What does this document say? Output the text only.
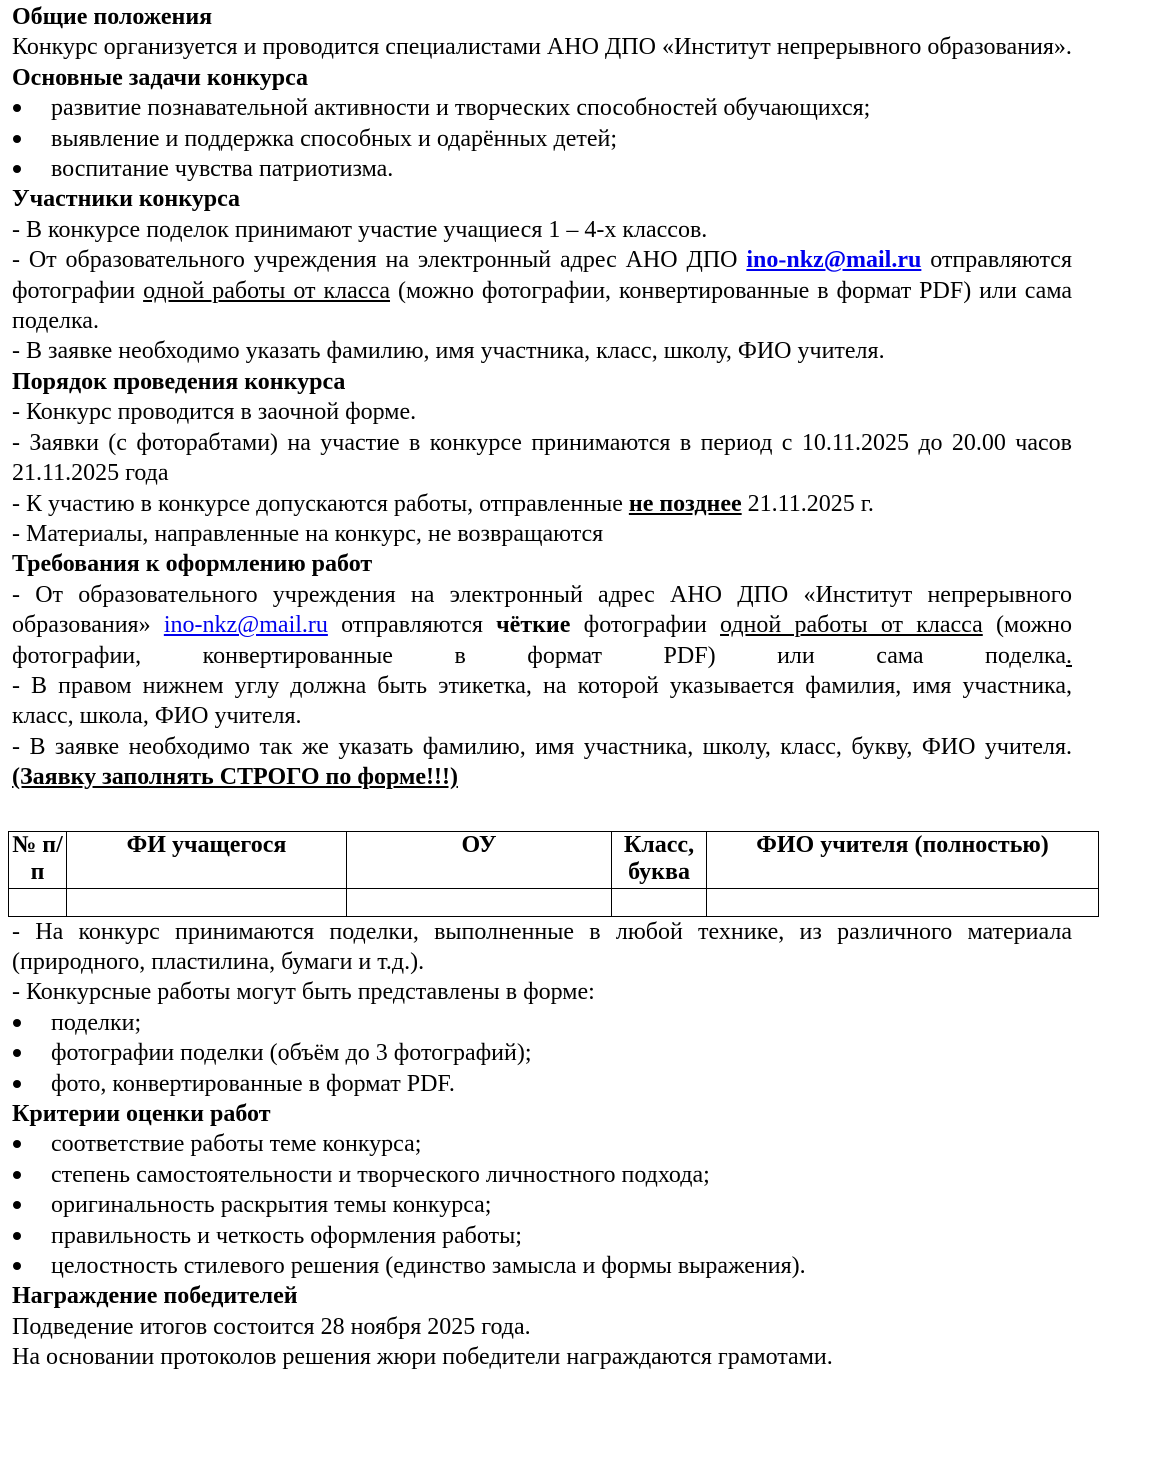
Общие положения

Конкурс организуется и проводится специалистами АНО ДПО «Институт непрерывного образования».

Основные задачи конкурса

развитие познавательной активности и творческих способностей обучающихся;
выявление и поддержка способных и одарённых детей;
воспитание чувства патриотизма.

Участники конкурса

- В конкурсе поделок принимают участие учащиеся 1 – 4-х классов.

- От образовательного учреждения на электронный адрес АНО ДПО ino-nkz@mail.ru отправляются фотографии одной работы от класса (можно фотографии, конвертированные в формат PDF) или сама поделка.

- В заявке необходимо указать фамилию, имя участника, класс, школу, ФИО учителя.

Порядок проведения конкурса

- Конкурс проводится в заочной форме.

- Заявки (с фоторабтами) на участие в конкурсе принимаются в период с 10.11.2025 до 20.00 часов 21.11.2025 года

- К участию в конкурсе допускаются работы, отправленные не позднее 21.11.2025 г.

- Материалы, направленные на конкурс, не возвращаются

Требования к оформлению работ

- От образовательного учреждения на электронный адрес АНО ДПО «Институт непрерывного образования» ino-nkz@mail.ru отправляются чёткие фотографии одной работы от класса (можно фотографии, конвертированные в формат PDF) или сама поделка.

- В правом нижнем углу должна быть этикетка, на которой указывается фамилия, имя участника, класс, школа, ФИО учителя.

- В заявке необходимо так же указать фамилию, имя участника, школу, класс, букву, ФИО учителя. (Заявку заполнять СТРОГО по форме!!!)

№ п/п	ФИ учащегося	ОУ	Класс, буква	ФИО учителя (полностью)

- На конкурс принимаются поделки, выполненные в любой технике, из различного материала (природного, пластилина, бумаги и т.д.).

- Конкурсные работы могут быть представлены в форме:

поделки;
фотографии поделки (объём до 3 фотографий);
фото, конвертированные в формат PDF.

Критерии оценки работ

соответствие работы теме конкурса;
степень самостоятельности и творческого личностного подхода;
оригинальность раскрытия темы конкурса;
правильность и четкость оформления работы;
целостность стилевого решения (единство замысла и формы выражения).

Награждение победителей

Подведение итогов состоится 28 ноября 2025 года.

На основании протоколов решения жюри победители награждаются грамотами.
